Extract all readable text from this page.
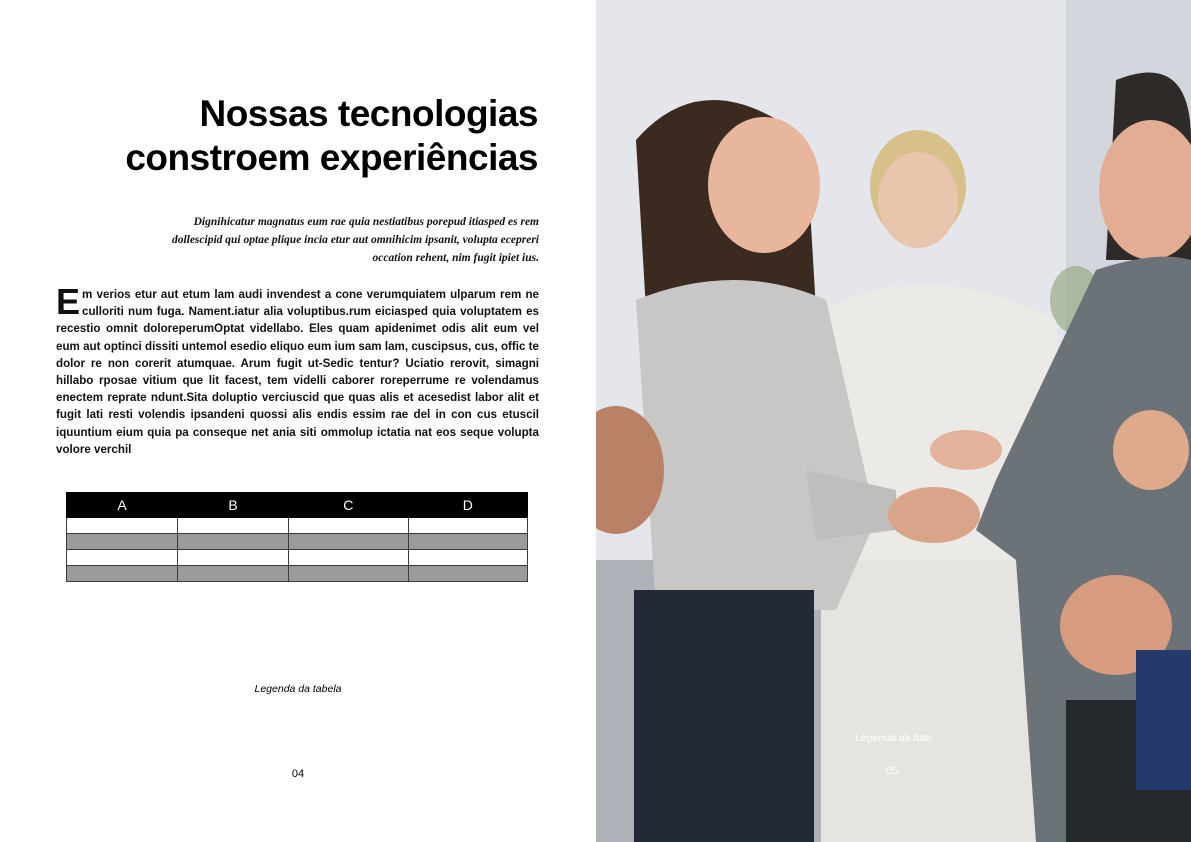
Nossas tecnologias
constroem experiências

Dignihicatur magnatus eum rae quia nestiatibus porepud itiasped es rem dollescipid qui optae plique incia etur aut omnihicim ipsanit, volupta ecepreri occation rehent, nim fugit ipiet ius.

Em verios etur aut etum lam audi invendest a cone verumquiatem ulparum rem ne culloriti num fuga. Nament.iatur alia voluptibus.rum eiciasped quia voluptatem es recestio omnit doloreperumOptat videllabo. Eles quam apidenimet odis alit eum vel eum aut optinci dissiti untemol esedio eliquo eum ium sam lam, cuscipsus, cus, offic te dolor re non corerit atumquae. Arum fugit ut-Sedic tentur? Uciatio rerovit, simagni hillabo rposae vitium que lit facest, tem videlli caborer roreperrume re volendamus enectem reprate ndunt.Sita doluptio verciuscid que quas alis et acesedist labor alit et fugit lati resti volendis ipsandeni quossi alis endis essim rae del in con cus etuscil iquuntium eium quia pa conseque net ania siti ommolup ictatia nat eos seque volupta volore verchil

A	B	C	D

Legenda da tabela
04
Legenda da foto
05
